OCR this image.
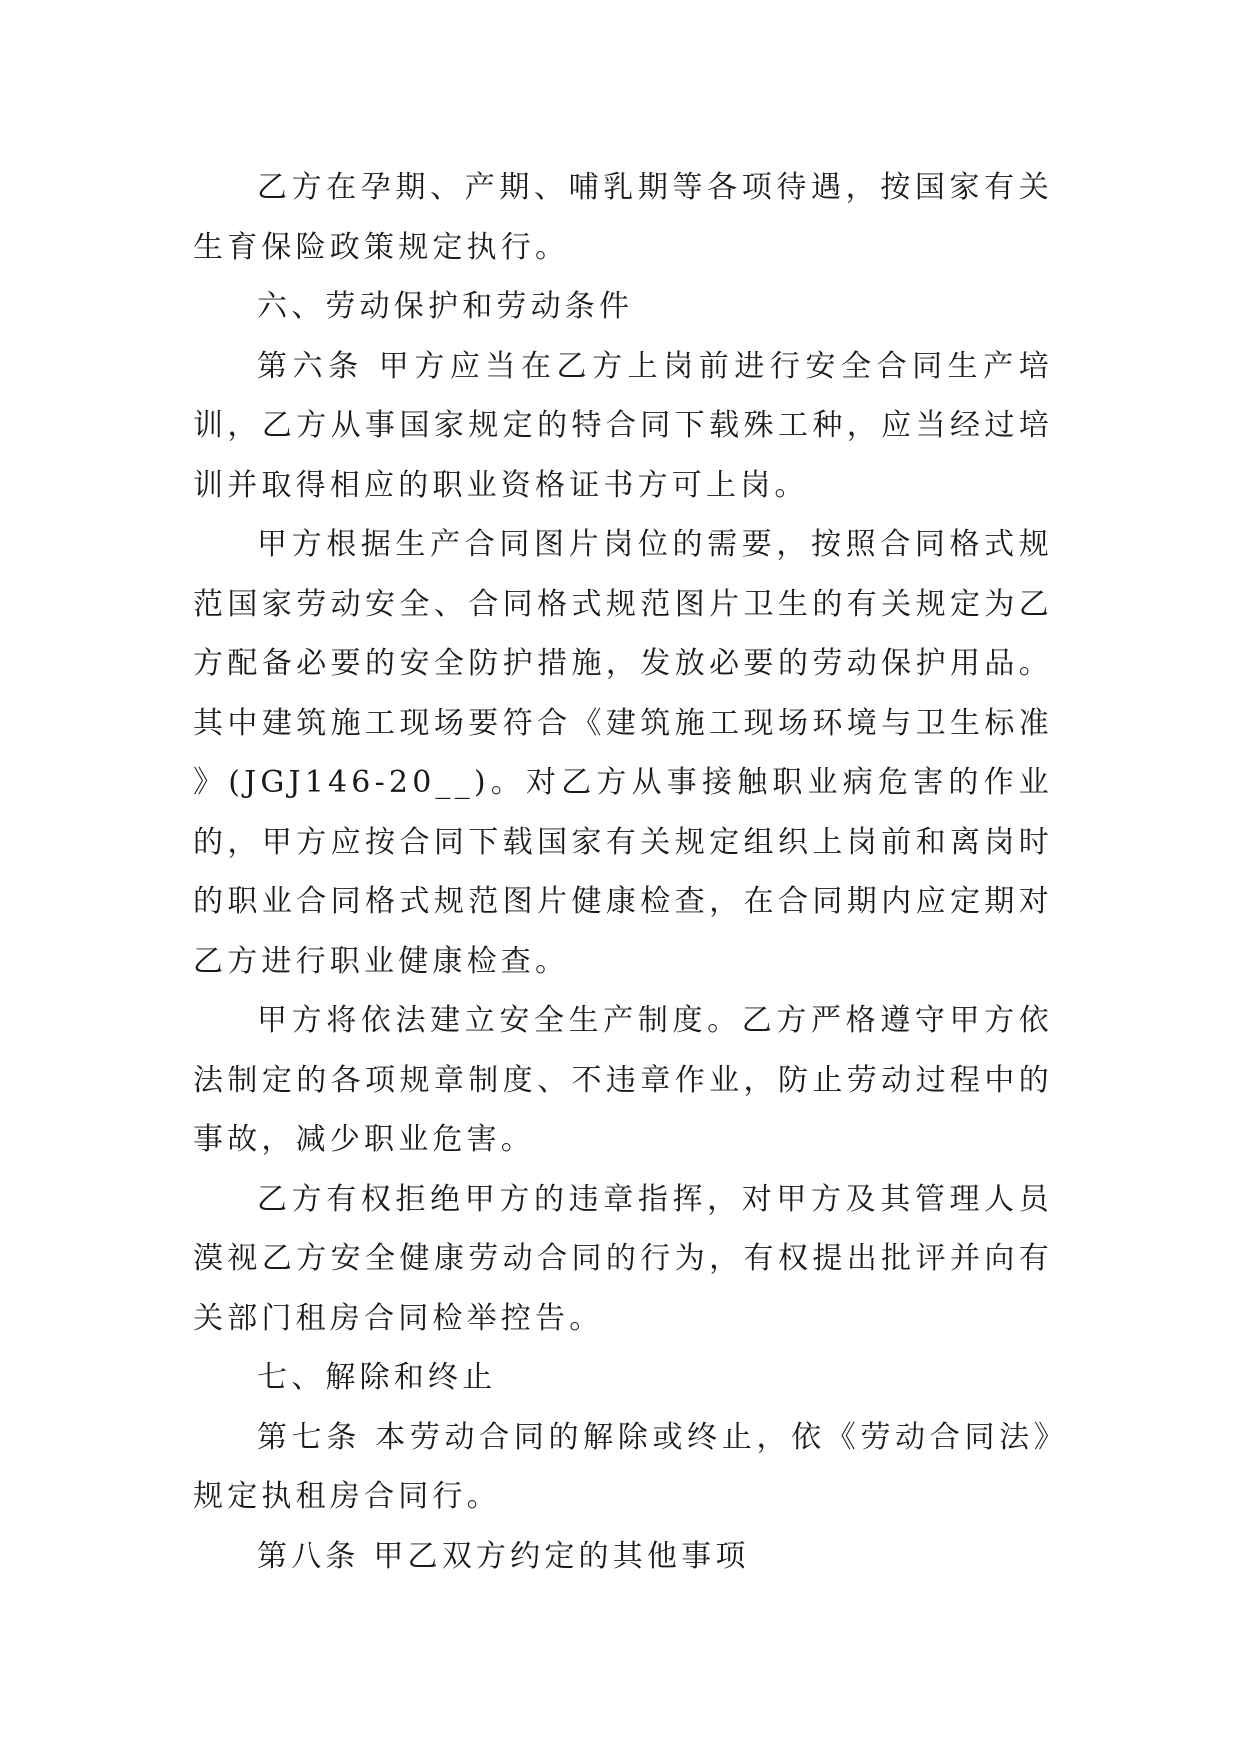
乙方在孕期、产期、哺乳期等各项待遇，按国家有关生育保险政策规定执行。

六、劳动保护和劳动条件

第六条 甲方应当在乙方上岗前进行安全合同生产培训，乙方从事国家规定的特合同下载殊工种，应当经过培训并取得相应的职业资格证书方可上岗。

甲方根据生产合同图片岗位的需要，按照合同格式规范国家劳动安全、合同格式规范图片卫生的有关规定为乙方配备必要的安全防护措施，发放必要的劳动保护用品。其中建筑施工现场要符合《建筑施工现场环境与卫生标准》(JGJ146-20__)。对乙方从事接触职业病危害的作业的，甲方应按合同下载国家有关规定组织上岗前和离岗时的职业合同格式规范图片健康检查，在合同期内应定期对乙方进行职业健康检查。

甲方将依法建立安全生产制度。乙方严格遵守甲方依法制定的各项规章制度、不违章作业，防止劳动过程中的事故，减少职业危害。

乙方有权拒绝甲方的违章指挥，对甲方及其管理人员漠视乙方安全健康劳动合同的行为，有权提出批评并向有关部门租房合同检举控告。

七、解除和终止

第七条 本劳动合同的解除或终止，依《劳动合同法》规定执租房合同行。

第八条 甲乙双方约定的其他事项
